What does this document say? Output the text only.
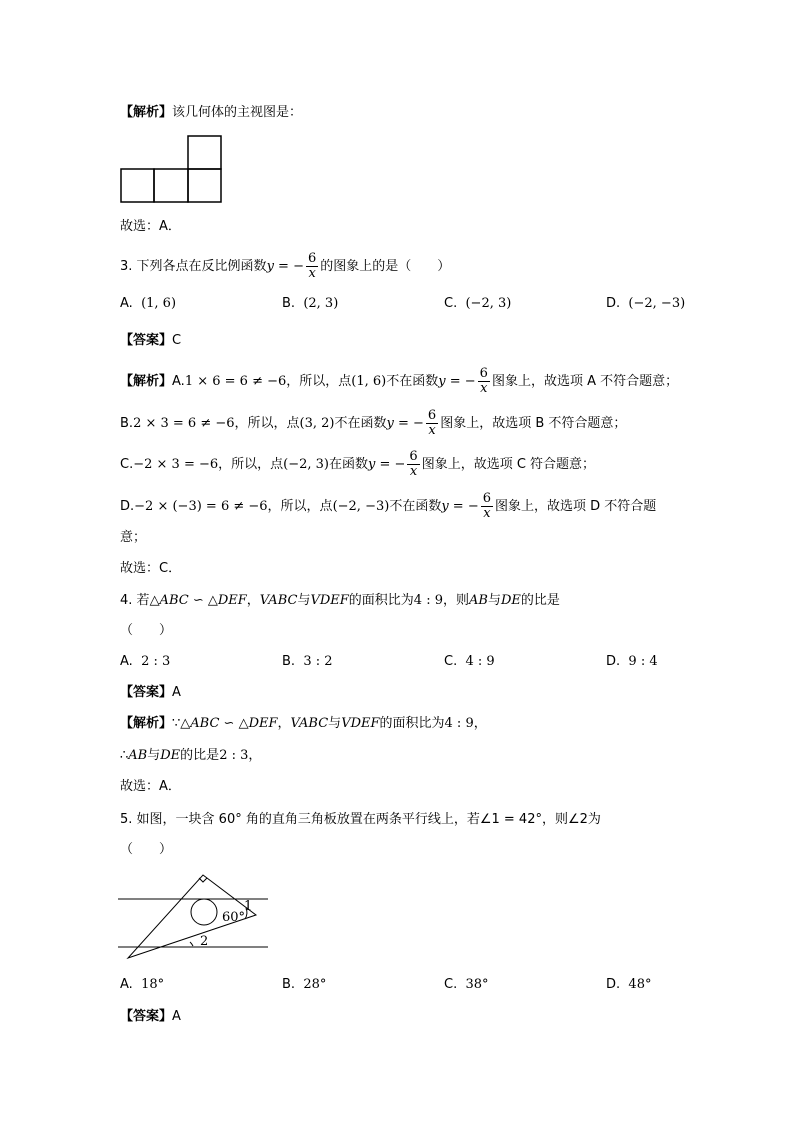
【解析】该几何体的主视图是：
故选：A．
3. 下列各点在反比例函数y = − $\frac{6}{x}$ 的图象上的是（　　）
A. (1, 6)	B. (2, 3)	C. (−2, 3)	D. (−2, −3)
【答案】C
【解析】A.1 × 6 = 6 ≠ −6，所以，点(1, 6)不在函数y = − $\frac{6}{x}$ 图象上，故选项 A 不符合题意；
B.2 × 3 = 6 ≠ −6，所以，点(3, 2)不在函数y = − $\frac{6}{x}$ 图象上，故选项 B 不符合题意；
C.−2 × 3 = −6，所以，点(−2, 3)在函数y = − $\frac{6}{x}$ 图象上，故选项 C 符合题意；
D.−2 × (−3) = 6 ≠ −6，所以，点(−2, −3)不在函数y = − $\frac{6}{x}$ 图象上，故选项 D 不符合题
意；
故选：C．
4. 若△ABC ∽ △DEF，VABC与VDEF的面积比为4 : 9，则AB与DE的比是
（　　）
A. 2 : 3	B. 3 : 2	C. 4 : 9	D. 9 : 4
【答案】A
【解析】∵△ABC ∽ △DEF，VABC与VDEF的面积比为4 : 9，
∴AB与DE的比是2 : 3，
故选：A．
5. 如图，一块含 60° 角的直角三角板放置在两条平行线上，若∠1 = 42°，则∠2为
（　　）
60°
1
2
A. 18°	B. 28°	C. 38°	D. 48°
【答案】A
